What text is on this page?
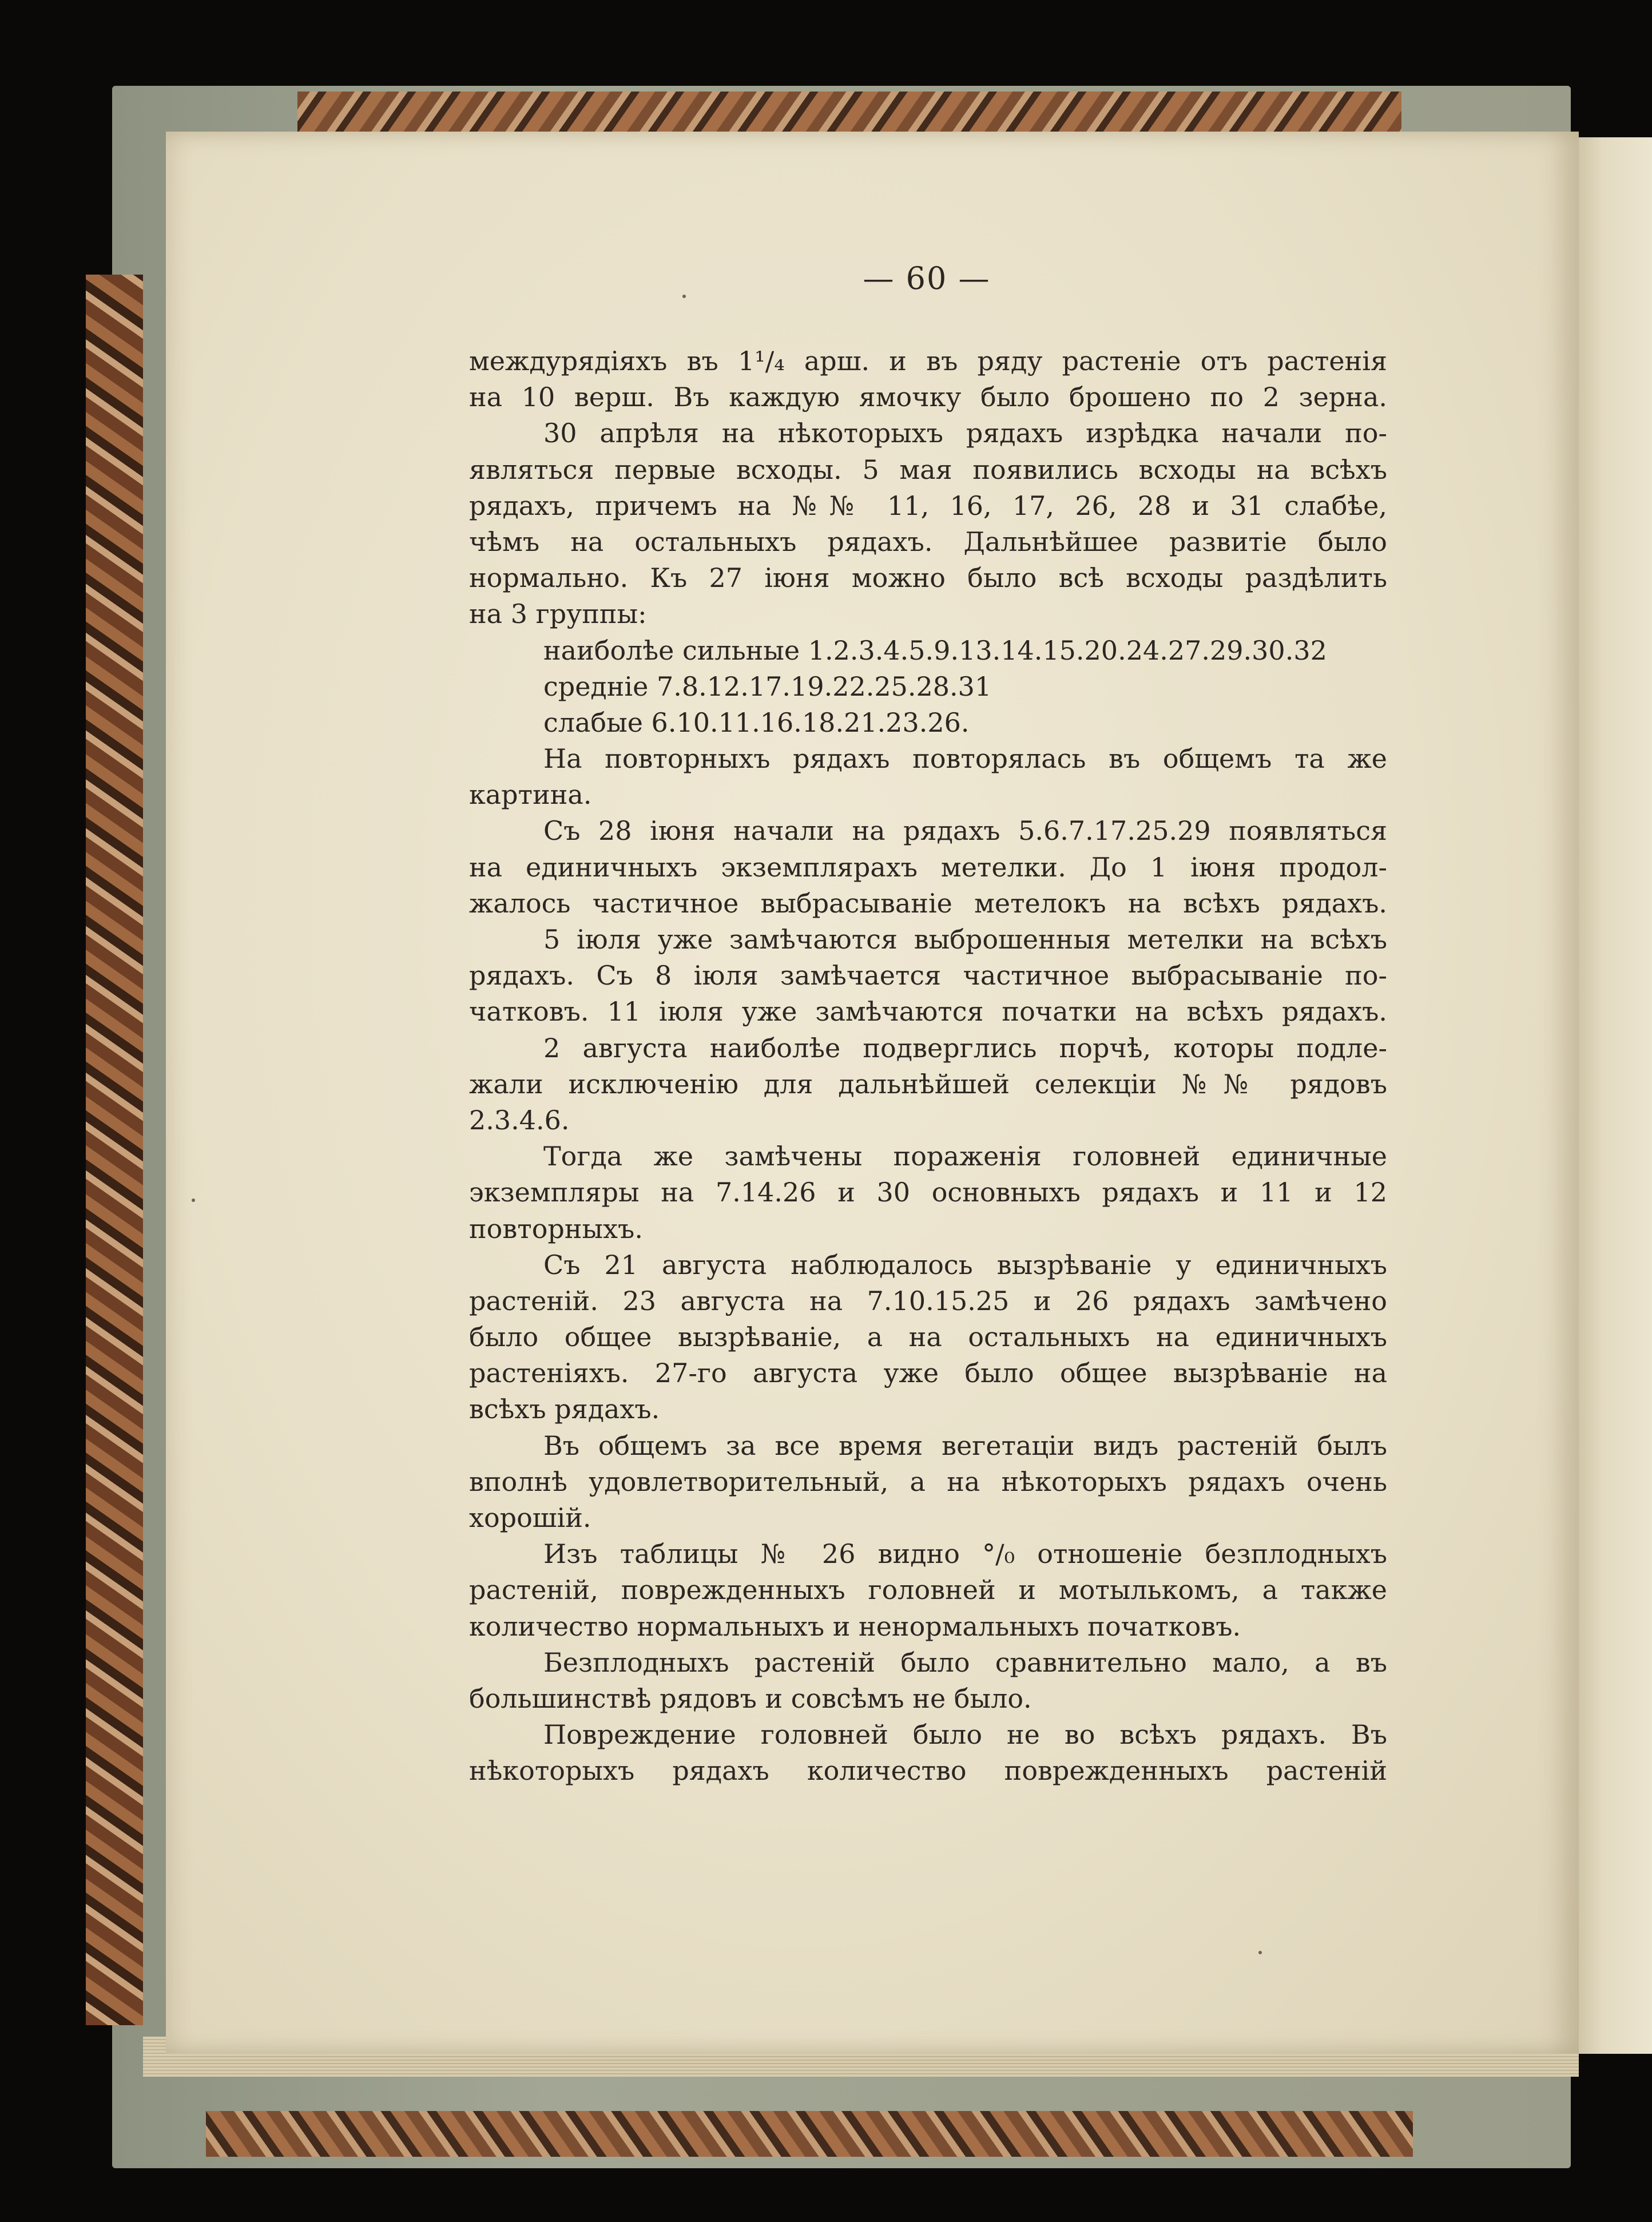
— 60 —
междурядіяхъ въ 1¹/₄ арш. и въ ряду растеніе отъ растенія
на 10 верш. Въ каждую ямочку было брошено по 2 зерна.
30 апрѣля на нѣкоторыхъ рядахъ изрѣдка начали по-
являться первые всходы. 5 мая появились всходы на всѣхъ
рядахъ, причемъ на №№ 11, 16, 17, 26, 28 и 31 слабѣе,
чѣмъ на остальныхъ рядахъ. Дальнѣйшее развитіе было
нормально. Къ 27 іюня можно было всѣ всходы раздѣлить
на 3 группы:
наиболѣе сильные 1.2.3.4.5.9.13.14.15.20.24.27.29.30.32
средніе 7.8.12.17.19.22.25.28.31
слабые 6.10.11.16.18.21.23.26.
На повторныхъ рядахъ повторялась въ общемъ та же
картина.
Съ 28 іюня начали на рядахъ 5.6.7.17.25.29 появляться
на единичныхъ экземплярахъ метелки. До 1 іюня продол-
жалось частичное выбрасываніе метелокъ на всѣхъ рядахъ.
5 іюля уже замѣчаются выброшенныя метелки на всѣхъ
рядахъ. Съ 8 іюля замѣчается частичное выбрасываніе по-
чатковъ. 11 іюля уже замѣчаются початки на всѣхъ рядахъ.
2 августа наиболѣе подверглись порчѣ, которы подле-
жали исключенію для дальнѣйшей селекціи №№ рядовъ
2.3.4.6.
Тогда же замѣчены пораженія головней единичные
экземпляры на 7.14.26 и 30 основныхъ рядахъ и 11 и 12
повторныхъ.
Съ 21 августа наблюдалось вызрѣваніе у единичныхъ
растеній. 23 августа на 7.10.15.25 и 26 рядахъ замѣчено
было общее вызрѣваніе, а на остальныхъ на единичныхъ
растеніяхъ. 27-го августа уже было общее вызрѣваніе на
всѣхъ рядахъ.
Въ общемъ за все время вегетаціи видъ растеній былъ
вполнѣ удовлетворительный, а на нѣкоторыхъ рядахъ очень
хорошій.
Изъ таблицы № 26 видно °/₀ отношеніе безплодныхъ
растеній, поврежденныхъ головней и мотылькомъ, а также
количество нормальныхъ и ненормальныхъ початковъ.
Безплодныхъ растеній было сравнительно мало, а въ
большинствѣ рядовъ и совсѣмъ не было.
Повреждение головней было не во всѣхъ рядахъ. Въ
нѣкоторыхъ рядахъ количество поврежденныхъ растеній
